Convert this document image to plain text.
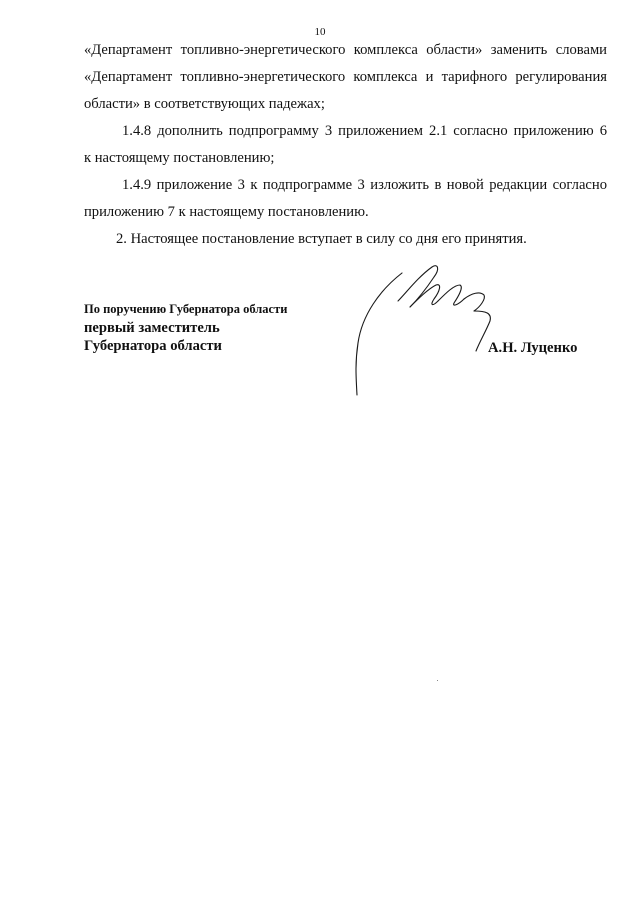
10
«Департамент топливно-энергетического комплекса области» заменить словами
«Департамент топливно-энергетического комплекса и тарифного регулирования
области» в соответствующих падежах;
1.4.8 дополнить подпрограмму 3 приложением 2.1 согласно приложению 6
к настоящему постановлению;
1.4.9 приложение 3 к подпрограмме 3 изложить в новой редакции согласно
приложению 7 к настоящему постановлению.
2. Настоящее постановление вступает в силу со дня его принятия.
По поручению Губернатора области
первый заместитель
Губернатора области	А.Н. Луценко
